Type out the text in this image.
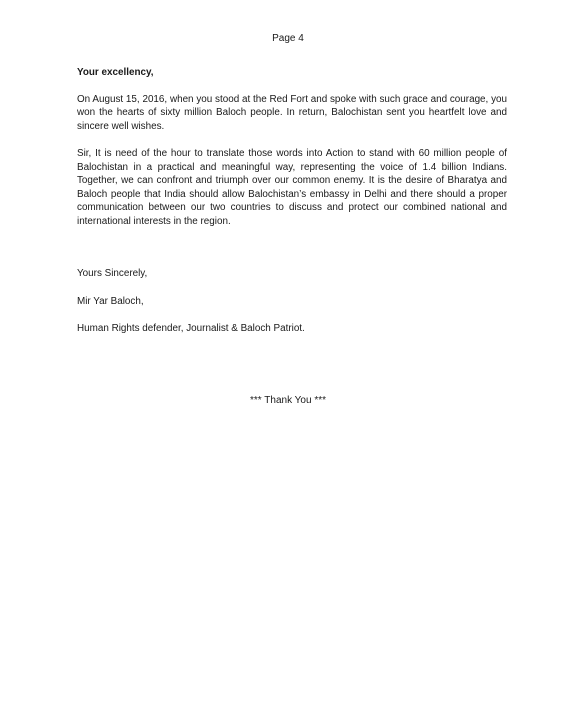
Page 4

Your excellency,

On August 15, 2016, when you stood at the Red Fort and spoke with such grace and courage, you won the hearts of sixty million Baloch people. In return, Balochistan sent you heartfelt love and sincere well wishes.

Sir, It is need of the hour to translate those words into Action to stand with 60 million people of Balochistan in a practical and meaningful way, representing the voice of 1.4 billion Indians. Together, we can confront and triumph over our common enemy. It is the desire of Bharatya and Baloch people that India should allow Balochistan’s embassy in Delhi and there should a proper communication between our two countries to discuss and protect our combined national and international interests in the region.

Yours Sincerely,

Mir Yar Baloch,

Human Rights defender, Journalist & Baloch Patriot.

*** Thank You ***
